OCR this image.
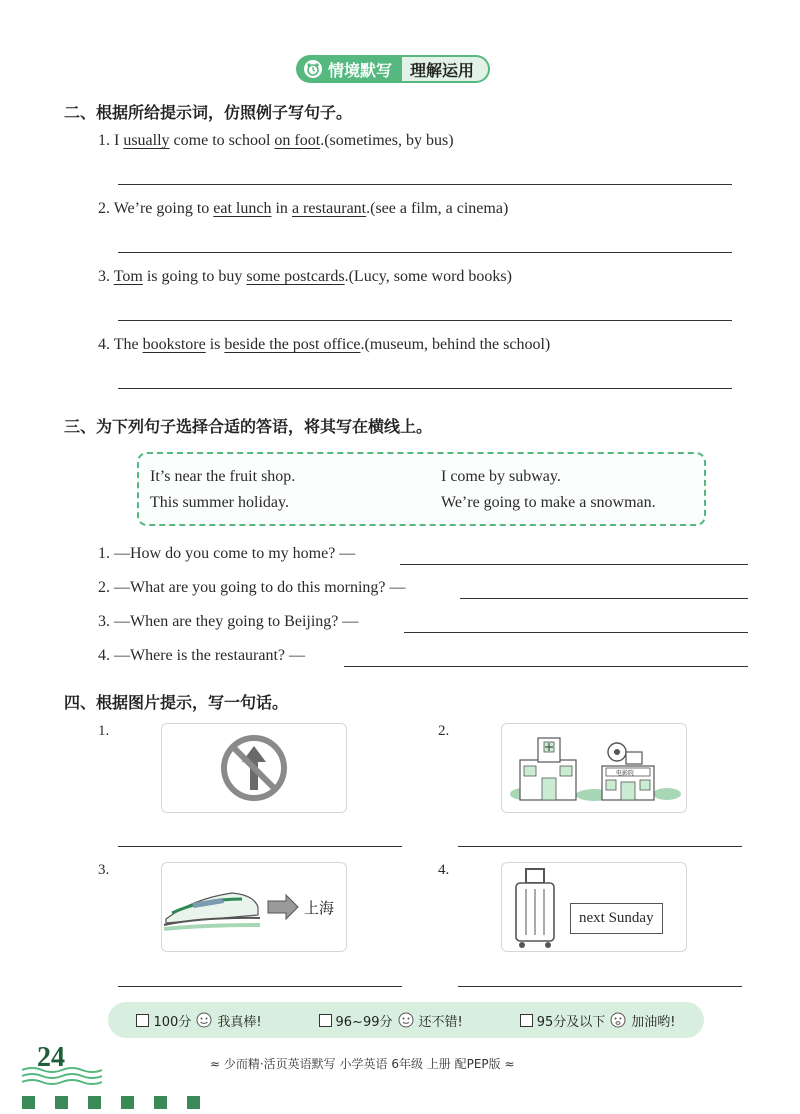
情境默写 理解运用
二、根据所给提示词，仿照例子写句子。
1. I usually come to school on foot.(sometimes, by bus)
2. We’re going to eat lunch in a restaurant.(see a film, a cinema)
3. Tom is going to buy some postcards.(Lucy, some word books)
4. The bookstore is beside the post office.(museum, behind the school)
三、为下列句子选择合适的答语，将其写在横线上。
It’s near the fruit shop.	I come by subway.
This summer holiday.	We’re going to make a snowman.
1. —How do you come to my home? —
2. —What are you going to do this morning? —
3. —When are they going to Beijing? —
4. —Where is the restaurant? —
四、根据图片提示，写一句话。
1.	2.
电影院
3.
上海
4.
next Sunday
100分 我真棒!	96~99分 还不错!	95分及以下 加油哟!
24	≈ 少而精·活页英语默写 小学英语 6年级 上册 配PEP版 ≈
